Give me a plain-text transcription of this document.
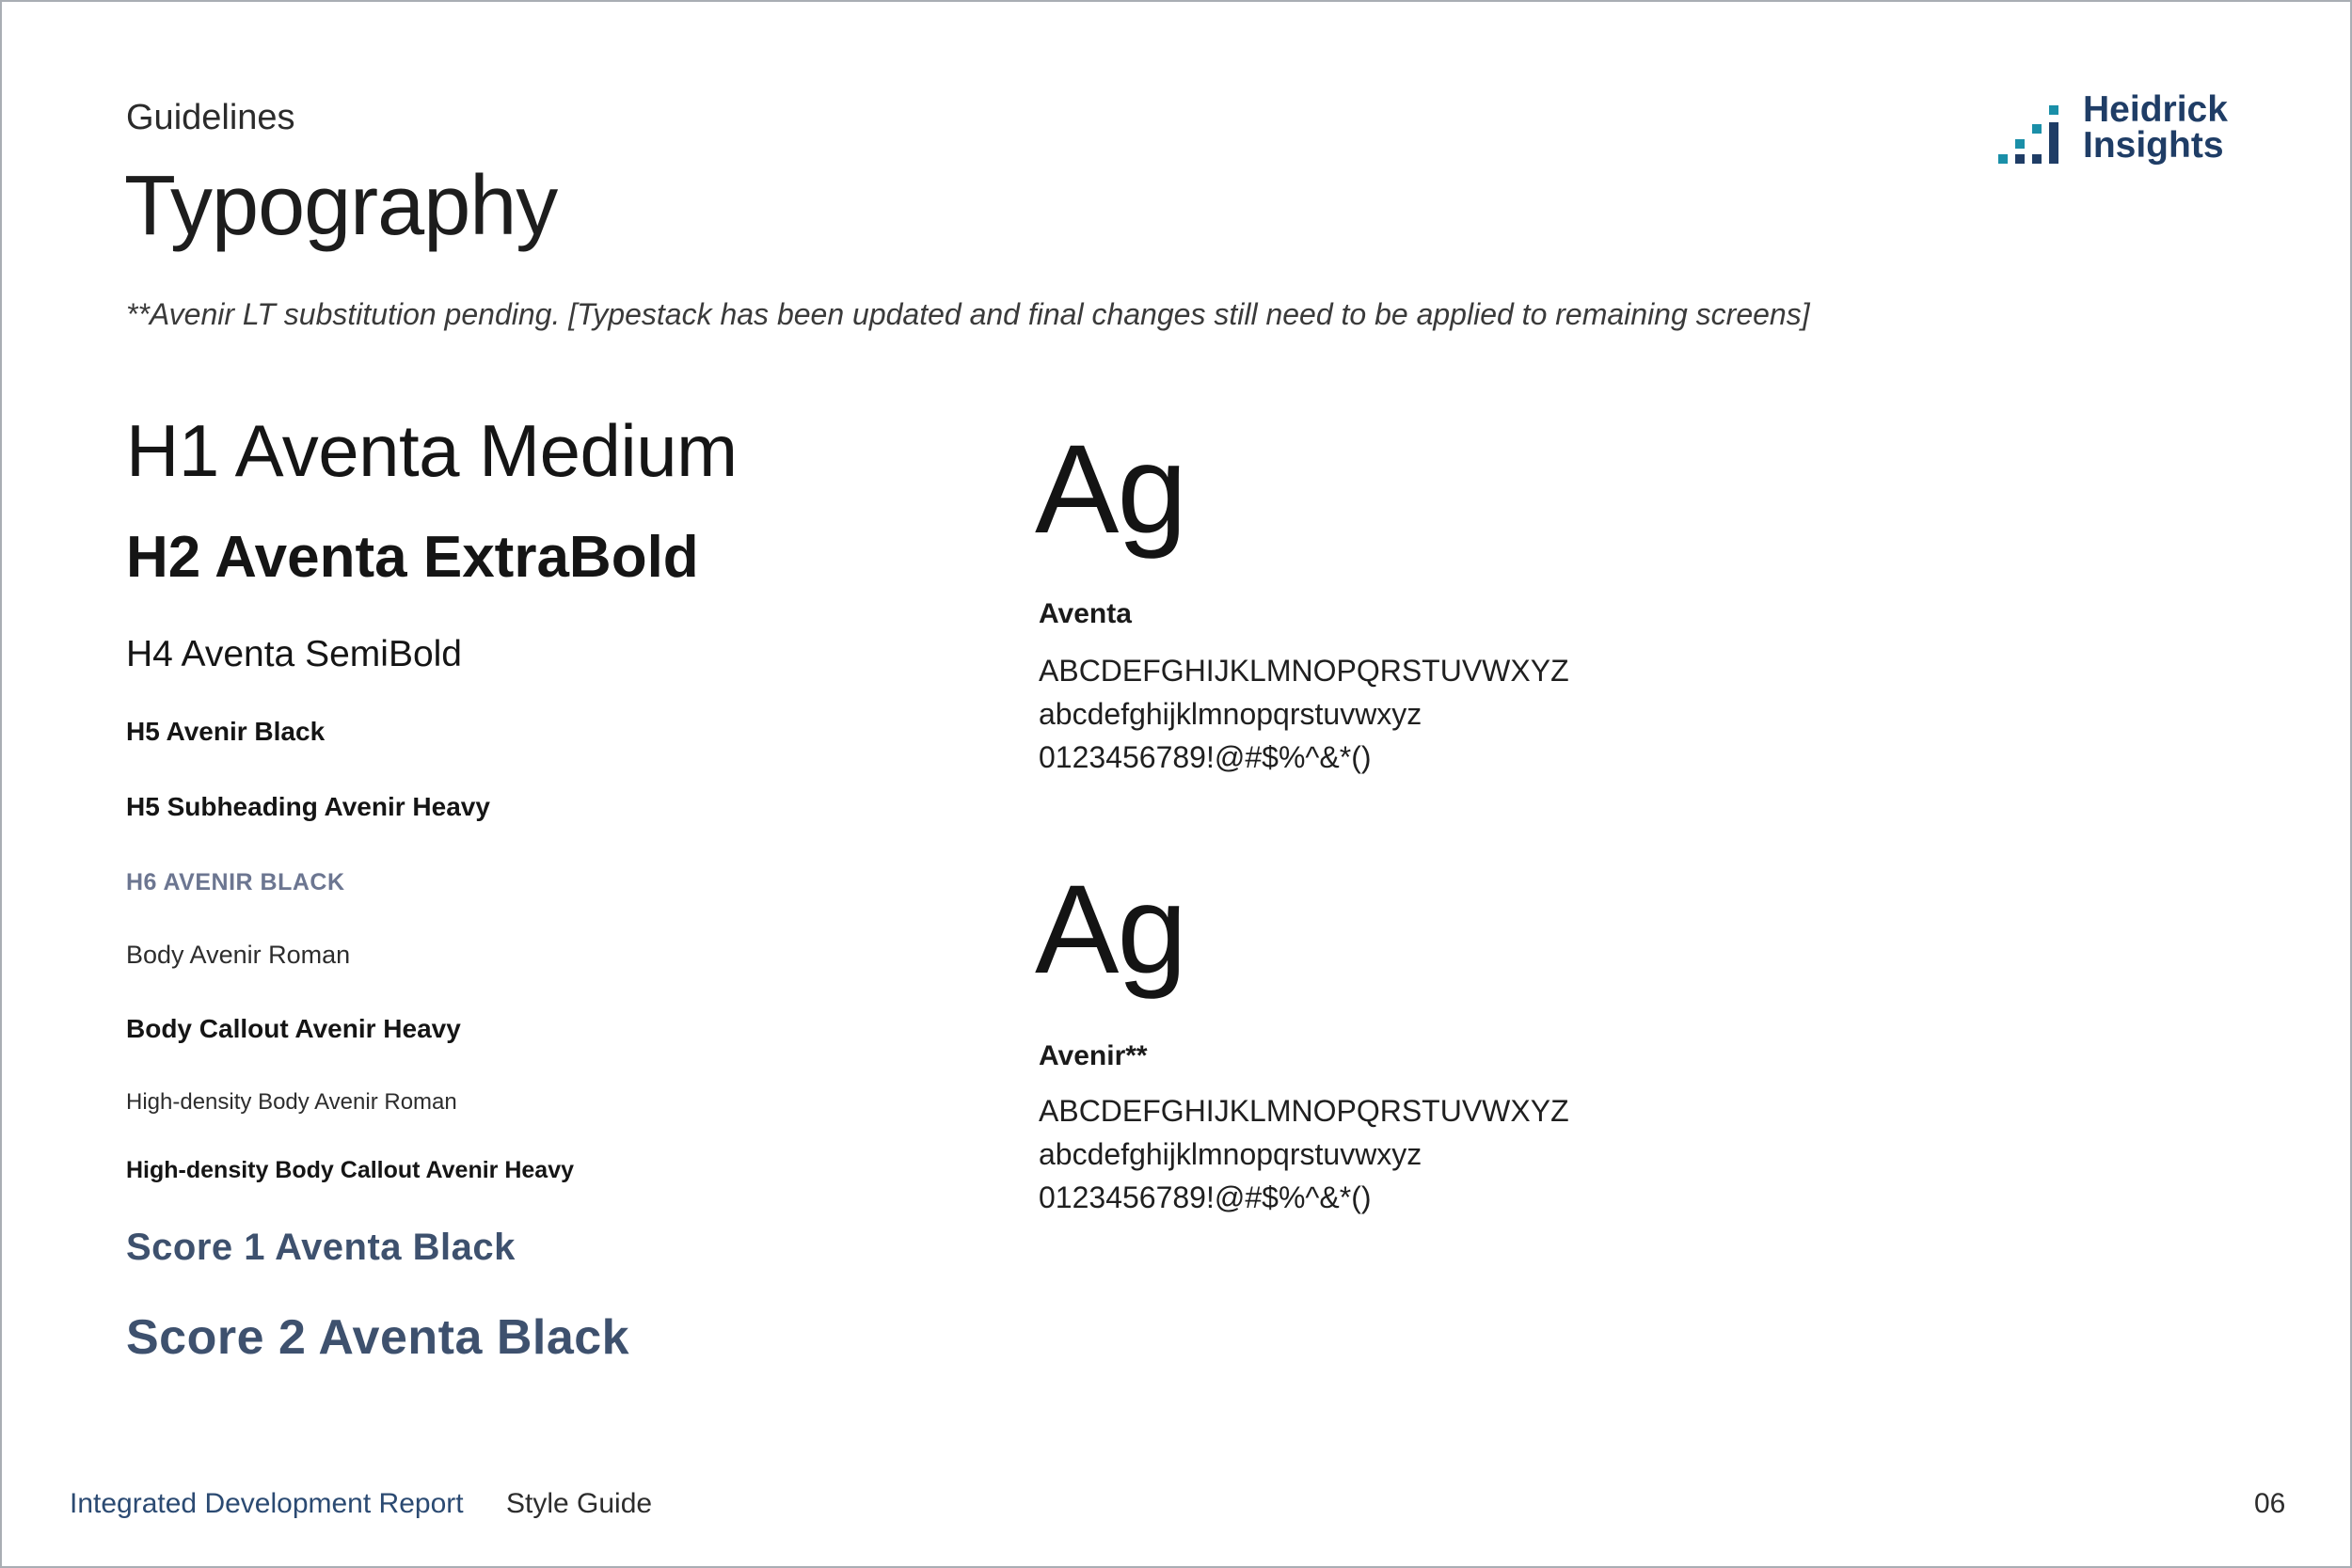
Guidelines
Typography
**Avenir LT substitution pending. [Typestack has been updated and final changes still need to be applied to remaining screens]
Heidrick
Insights
H1 Aventa Medium
H2 Aventa ExtraBold
H4 Aventa SemiBold
H5 Avenir Black
H5 Subheading Avenir Heavy
H6 AVENIR BLACK
Body Avenir Roman
Body Callout Avenir Heavy
High-density Body Avenir Roman
High-density Body Callout Avenir Heavy
Score 1 Aventa Black
Score 2 Aventa Black
Ag
Aventa
ABCDEFGHIJKLMNOPQRSTUVWXYZ
abcdefghijklmnopqrstuvwxyz
0123456789!@#$%^&*()
Ag
Avenir**
ABCDEFGHIJKLMNOPQRSTUVWXYZ
abcdefghijklmnopqrstuvwxyz
0123456789!@#$%^&*()
Integrated Development Report Style Guide	06
